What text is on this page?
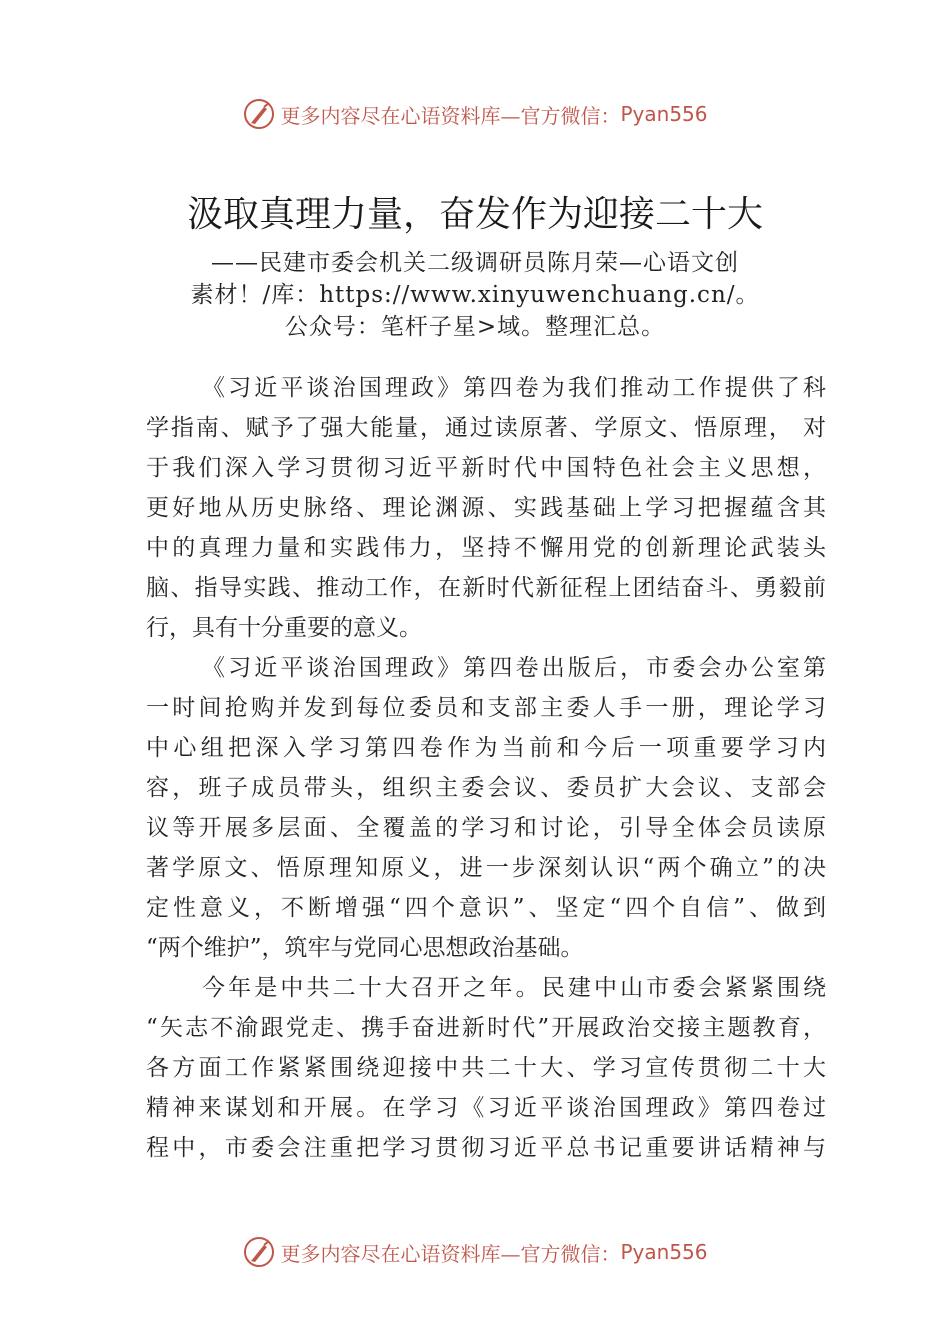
更多内容尽在心语资料库—官方微信： Pyan556
汲取真理力量，奋发作为迎接二十大
——民建市委会机关二级调研员陈月荣—心语文创
素材！/库：https://www.xinyuwenchuang.cn/。
公众号：笔杆子星>域。整理汇总。
《习近平谈治国理政》第四卷为我们推动工作提供了科
学指南、赋予了强大能量，通过读原著、学原文、悟原理， 对
于我们深入学习贯彻习近平新时代中国特色社会主义思想，
更好地从历史脉络、理论渊源、实践基础上学习把握蕴含其
中的真理力量和实践伟力，坚持不懈用党的创新理论武装头
脑、指导实践、推动工作，在新时代新征程上团结奋斗、勇毅前
行，具有十分重要的意义。
《习近平谈治国理政》第四卷出版后，市委会办公室第
一时间抢购并发到每位委员和支部主委人手一册，理论学习
中心组把深入学习第四卷作为当前和今后一项重要学习内
容，班子成员带头，组织主委会议、委员扩大会议、支部会
议等开展多层面、全覆盖的学习和讨论，引导全体会员读原
著学原文、悟原理知原义，进一步深刻认识“两个确立”的决
定性意义，不断增强“四个意识”、坚定“四个自信”、做到
“两个维护”，筑牢与党同心思想政治基础。
今年是中共二十大召开之年。民建中山市委会紧紧围绕
“矢志不渝跟党走、携手奋进新时代”开展政治交接主题教育，
各方面工作紧紧围绕迎接中共二十大、学习宣传贯彻二十大
精神来谋划和开展。在学习《习近平谈治国理政》第四卷过
程中，市委会注重把学习贯彻习近平总书记重要讲话精神与
更多内容尽在心语资料库—官方微信： Pyan556
